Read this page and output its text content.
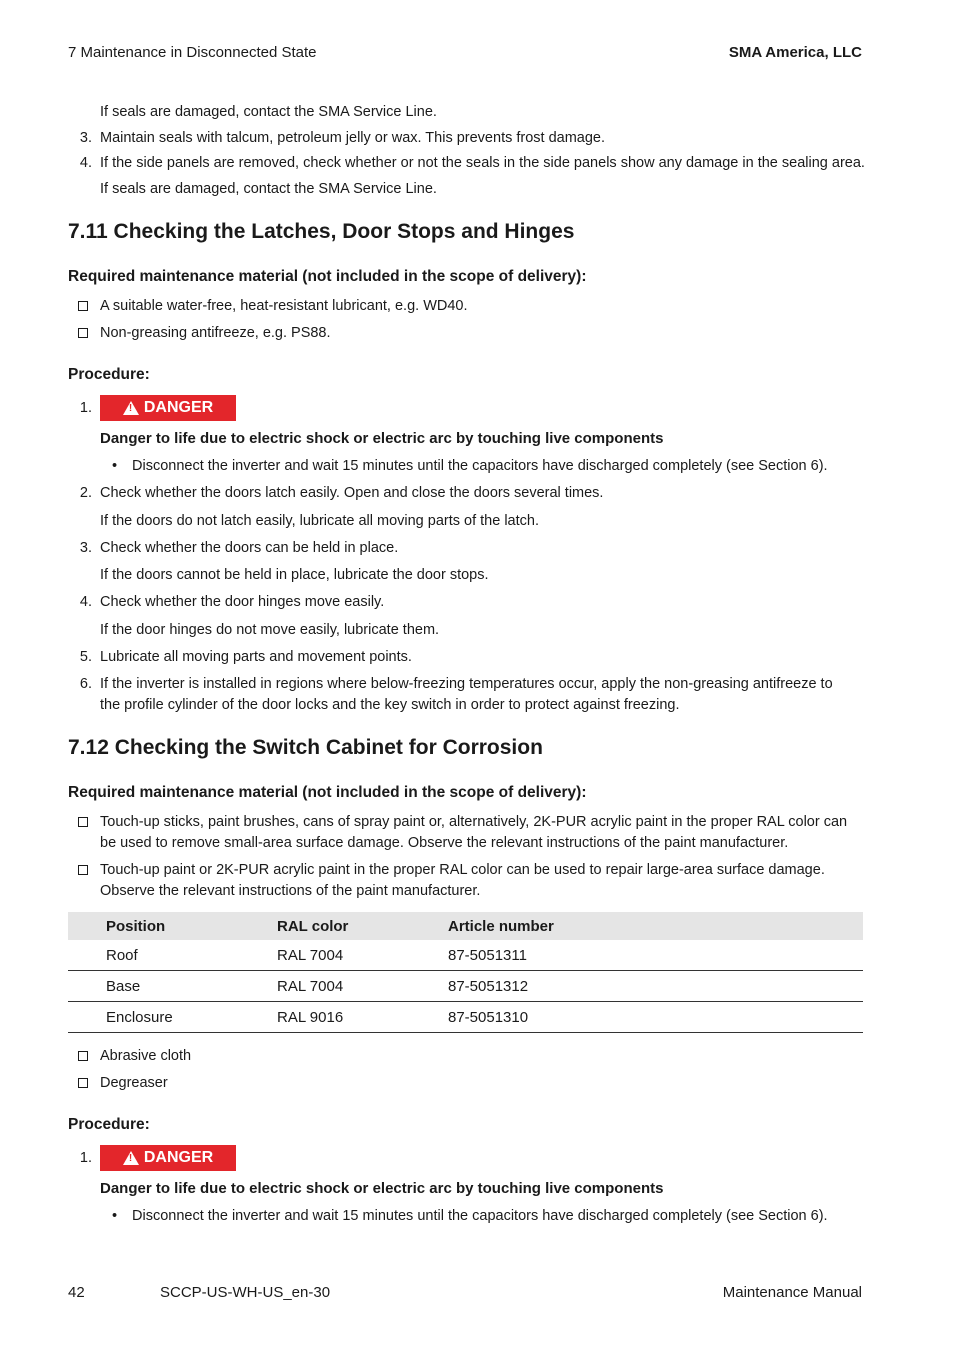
7 Maintenance in Disconnected State	SMA America, LLC
If seals are damaged, contact the SMA Service Line.
3. Maintain seals with talcum, petroleum jelly or wax. This prevents frost damage.
4. If the side panels are removed, check whether or not the seals in the side panels show any damage in the sealing area.
If seals are damaged, contact the SMA Service Line.
7.11 Checking the Latches, Door Stops and Hinges
Required maintenance material (not included in the scope of delivery):
A suitable water-free, heat-resistant lubricant, e.g. WD40.
Non-greasing antifreeze, e.g. PS88.
Procedure:
1. !	DANGER
Danger to life due to electric shock or electric arc by touching live components
• Disconnect the inverter and wait 15 minutes until the capacitors have discharged completely (see Section 6).
2. Check whether the doors latch easily. Open and close the doors several times.
If the doors do not latch easily, lubricate all moving parts of the latch.
3. Check whether the doors can be held in place.
If the doors cannot be held in place, lubricate the door stops.
4. Check whether the door hinges move easily.
If the door hinges do not move easily, lubricate them.
5. Lubricate all moving parts and movement points.
6. If the inverter is installed in regions where below-freezing temperatures occur, apply the non-greasing antifreeze to
the profile cylinder of the door locks and the key switch in order to protect against freezing.
7.12 Checking the Switch Cabinet for Corrosion
Required maintenance material (not included in the scope of delivery):
Touch-up sticks, paint brushes, cans of spray paint or, alternatively, 2K-PUR acrylic paint in the proper RAL color can
be used to remove small-area surface damage. Observe the relevant instructions of the paint manufacturer.
Touch-up paint or 2K-PUR acrylic paint in the proper RAL color can be used to repair large-area surface damage.
Observe the relevant instructions of the paint manufacturer.
Position	RAL color	Article number
Roof	RAL 7004	87-5051311
Base	RAL 7004	87-5051312
Enclosure	RAL 9016	87-5051310
Abrasive cloth
Degreaser
Procedure:
1. !	DANGER
Danger to life due to electric shock or electric arc by touching live components
• Disconnect the inverter and wait 15 minutes until the capacitors have discharged completely (see Section 6).
42	SCCP-US-WH-US_en-30	Maintenance Manual
